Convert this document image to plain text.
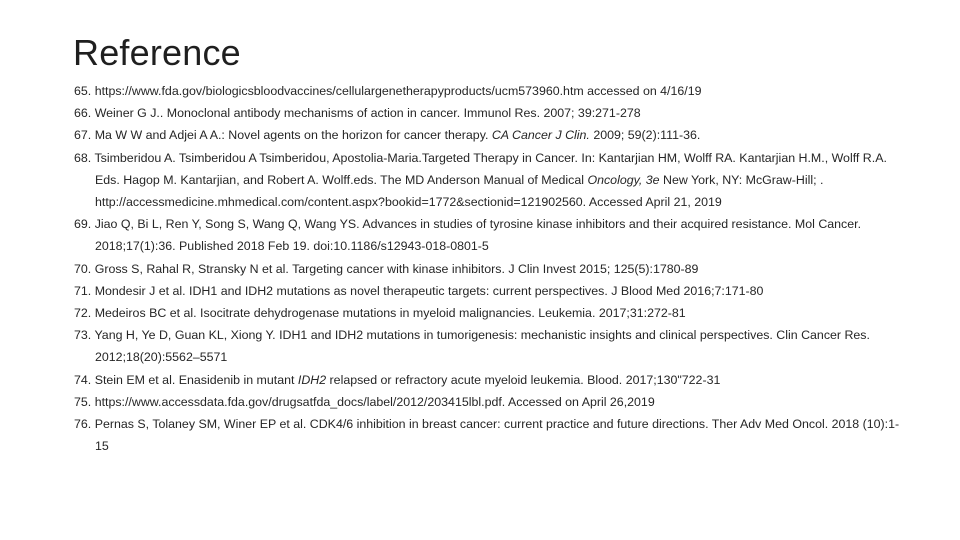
Reference

65. https://www.fda.gov/biologicsbloodvaccines/cellulargenetherapyproducts/ucm573960.htm accessed on 4/16/19

66. Weiner G J.. Monoclonal antibody mechanisms of action in cancer. Immunol Res. 2007; 39:271-278

67. Ma W W and Adjei A A.: Novel agents on the horizon for cancer therapy. CA Cancer J Clin. 2009; 59(2):111-36.

68. Tsimberidou A. Tsimberidou A Tsimberidou, Apostolia-Maria.Targeted Therapy in Cancer. In: Kantarjian HM, Wolff RA. Kantarjian H.M., Wolff R.A. Eds. Hagop M. Kantarjian, and Robert A. Wolff.eds. The MD Anderson Manual of Medical Oncology, 3e New York, NY: McGraw-Hill; . http://accessmedicine.mhmedical.com/content.aspx?bookid=1772&sectionid=121902560. Accessed April 21, 2019

69. Jiao Q, Bi L, Ren Y, Song S, Wang Q, Wang YS. Advances in studies of tyrosine kinase inhibitors and their acquired resistance. Mol Cancer. 2018;17(1):36. Published 2018 Feb 19. doi:10.1186/s12943-018-0801-5

70. Gross S, Rahal R, Stransky N et al. Targeting cancer with kinase inhibitors. J Clin Invest 2015; 125(5):1780-89

71. Mondesir J et al. IDH1 and IDH2 mutations as novel therapeutic targets: current perspectives. J Blood Med 2016;7:171-80

72. Medeiros BC et al. Isocitrate dehydrogenase mutations in myeloid malignancies. Leukemia. 2017;31:272-81

73. Yang H, Ye D, Guan KL, Xiong Y. IDH1 and IDH2 mutations in tumorigenesis: mechanistic insights and clinical perspectives. Clin Cancer Res. 2012;18(20):5562–5571

74. Stein EM et al. Enasidenib in mutant IDH2 relapsed or refractory acute myeloid leukemia. Blood. 2017;130"722-31

75. https://www.accessdata.fda.gov/drugsatfda_docs/label/2012/203415lbl.pdf. Accessed on April 26,2019

76. Pernas S, Tolaney SM, Winer EP et al. CDK4/6 inhibition in breast cancer: current practice and future directions. Ther Adv Med Oncol. 2018 (10):1-15
